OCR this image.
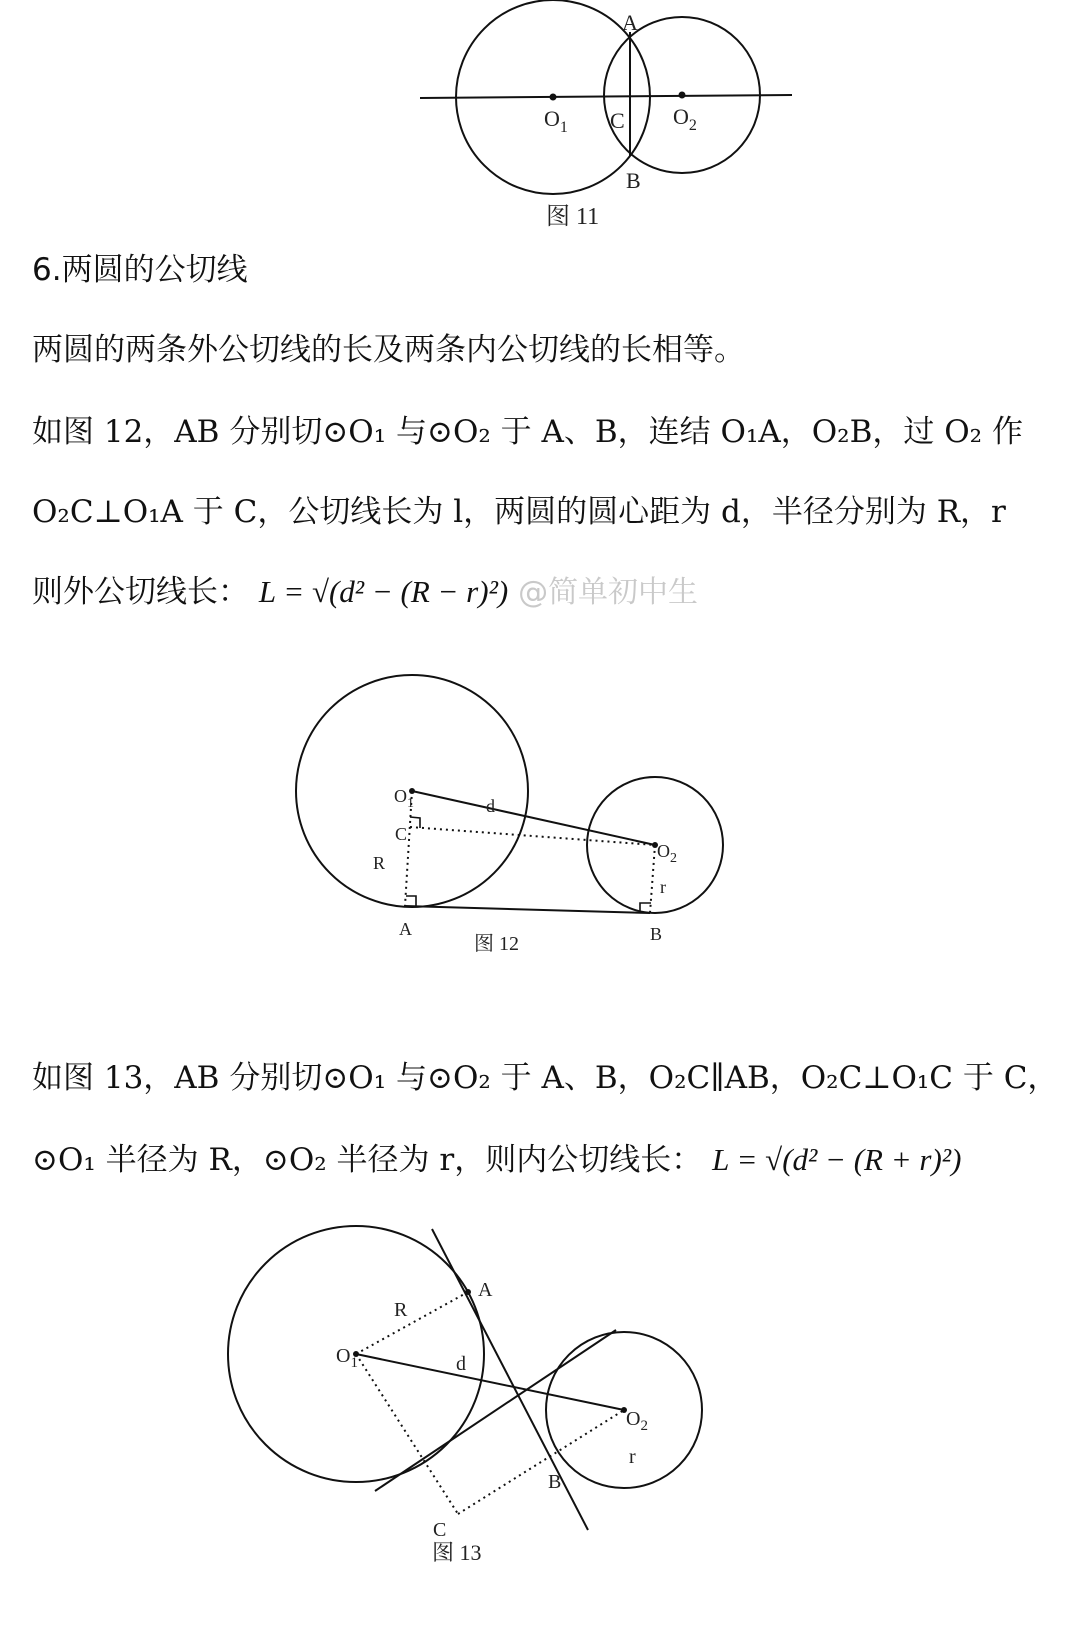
A
C
B
$O_1$	$O_2$
图 11
6.两圆的公切线
两圆的两条外公切线的长及两条内公切线的长相等。
如图 12，AB 分别切⊙O₁ 与⊙O₂ 于 A、B，连结 O₁A，O₂B，过 O₂ 作
O₂C⊥O₁A 于 C，公切线长为 l，两圆的圆心距为 d，半径分别为 R，r
则外公切线长： L = √(d² − (R − r)²) @简单初中生
$O_1$
C
d
R
$O_2$
r
A	B
图 12
如图 13，AB 分别切⊙O₁ 与⊙O₂ 于 A、B，O₂C∥AB，O₂C⊥O₁C 于 C，
⊙O₁ 半径为 R，⊙O₂ 半径为 r，则内公切线长： L = √(d² − (R + r)²)
A
R
$O_1$	d
$O_2$
r
B
C
图 13
